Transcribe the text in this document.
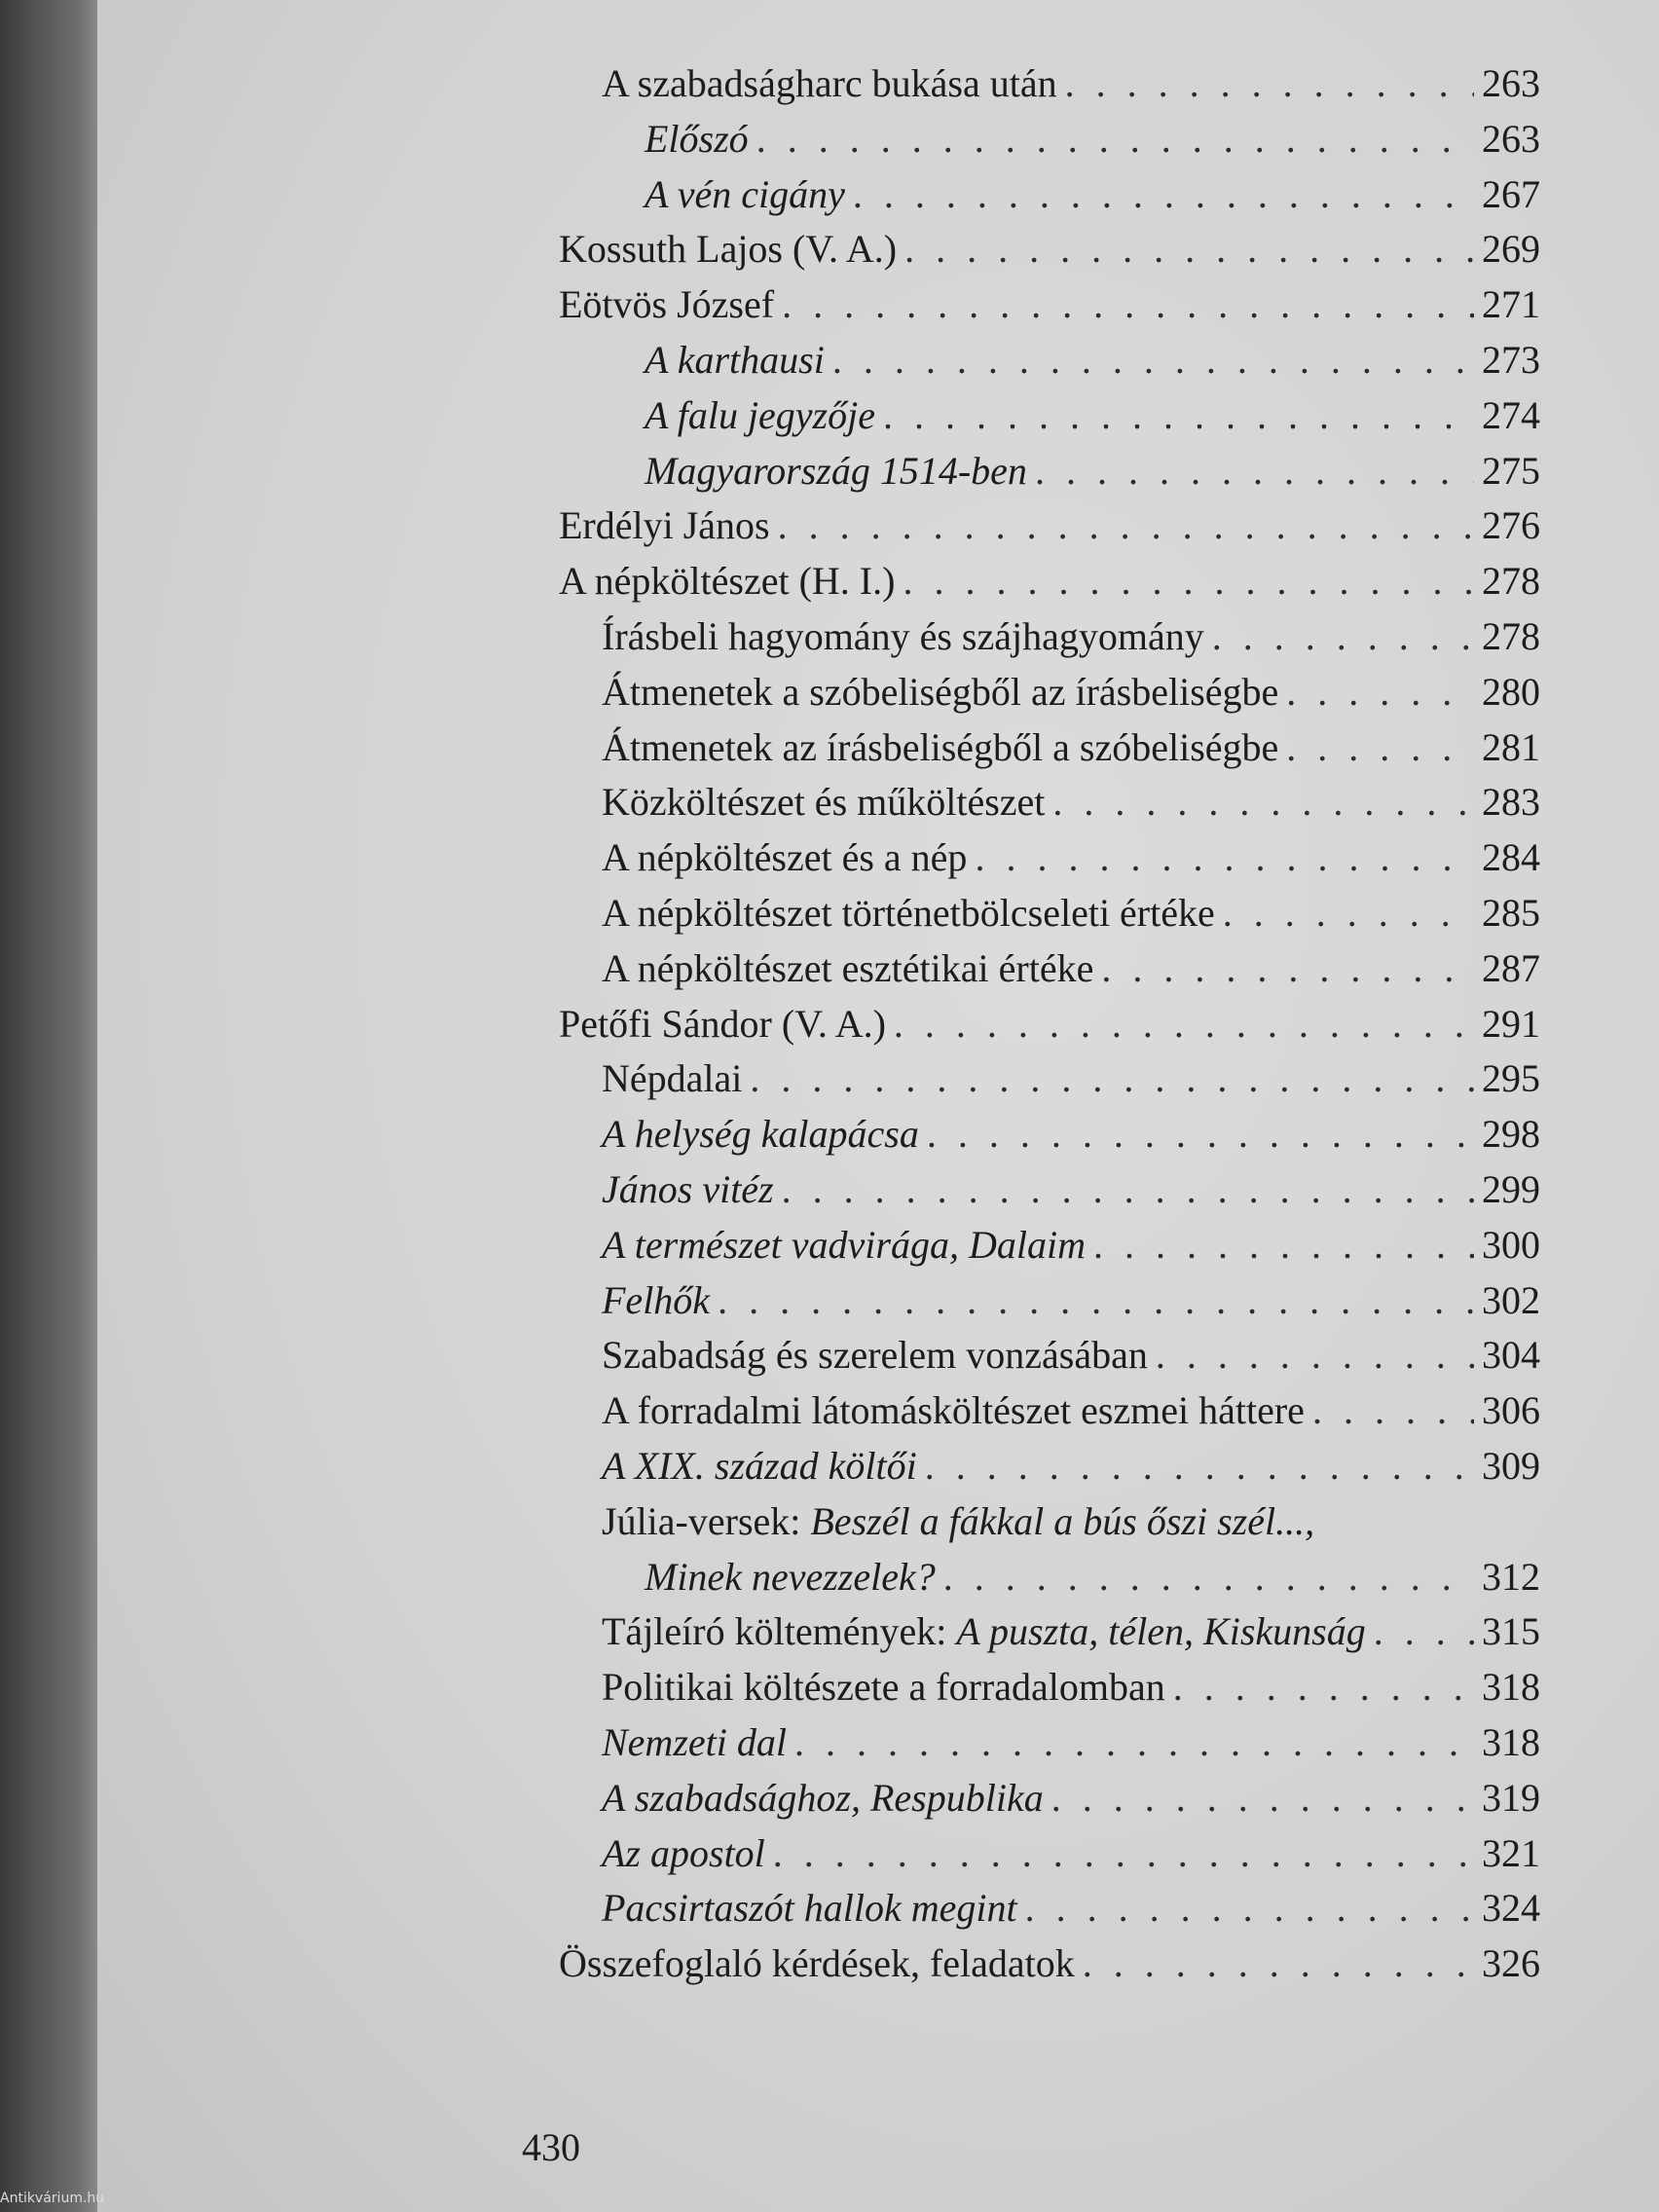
A szabadságharc bukása után . . .	263
Előszó . . .	263
A vén cigány . . .	267
Kossuth Lajos (V. A.) . . .	269
Eötvös József . . .	271
A karthausi . . .	273
A falu jegyzője . . .	274
Magyarország 1514-ben . . .	275
Erdélyi János . . .	276
A népköltészet (H. I.) . . .	278
Írásbeli hagyomány és szájhagyomány . . .	278
Átmenetek a szóbeliségből az írásbeliségbe . . .	280
Átmenetek az írásbeliségből a szóbeliségbe . . .	281
Közköltészet és műköltészet . . .	283
A népköltészet és a nép . . .	284
A népköltészet történetbölcseleti értéke . . .	285
A népköltészet esztétikai értéke . . .	287
Petőfi Sándor (V. A.) . . .	291
Népdalai . . .	295
A helység kalapácsa . . .	298
János vitéz . . .	299
A természet vadvirága, Dalaim . . .	300
Felhők . . .	302
Szabadság és szerelem vonzásában . . .	304
A forradalmi látomásköltészet eszmei háttere . . .	306
A XIX. század költői . . .	309
Júlia-versek: Beszél a fákkal a bús őszi szél...,
Minek nevezzelek? . . .	312
Tájleíró költemények: A puszta, télen, Kiskunság . . .	315
Politikai költészete a forradalomban . . .	318
Nemzeti dal . . .	318
A szabadsághoz, Respublika . . .	319
Az apostol . . .	321
Pacsirtaszót hallok megint . . .	324
Összefoglaló kérdések, feladatok . . .	326
430
Antikvárium.hu
